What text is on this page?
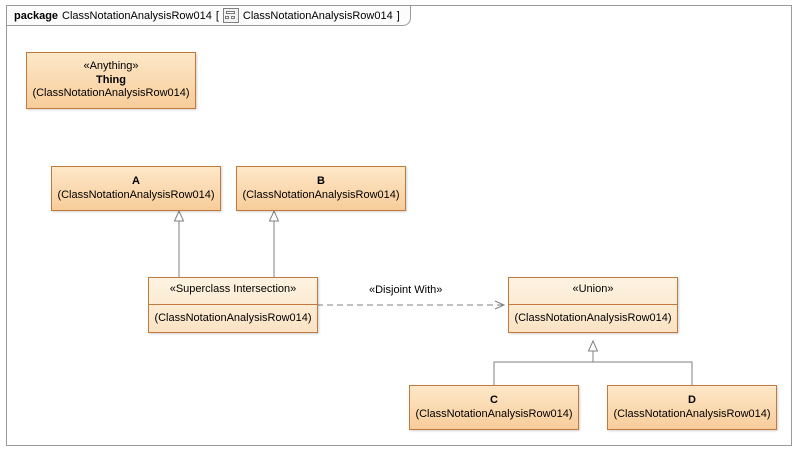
package ClassNotationAnalysisRow014 [ ClassNotationAnalysisRow014 ]
«Disjoint With»
«Anything»
Thing
(ClassNotationAnalysisRow014)
A
(ClassNotationAnalysisRow014)
B
(ClassNotationAnalysisRow014)
«Superclass Intersection»
(ClassNotationAnalysisRow014)
«Union»
(ClassNotationAnalysisRow014)
C
(ClassNotationAnalysisRow014)
D
(ClassNotationAnalysisRow014)
